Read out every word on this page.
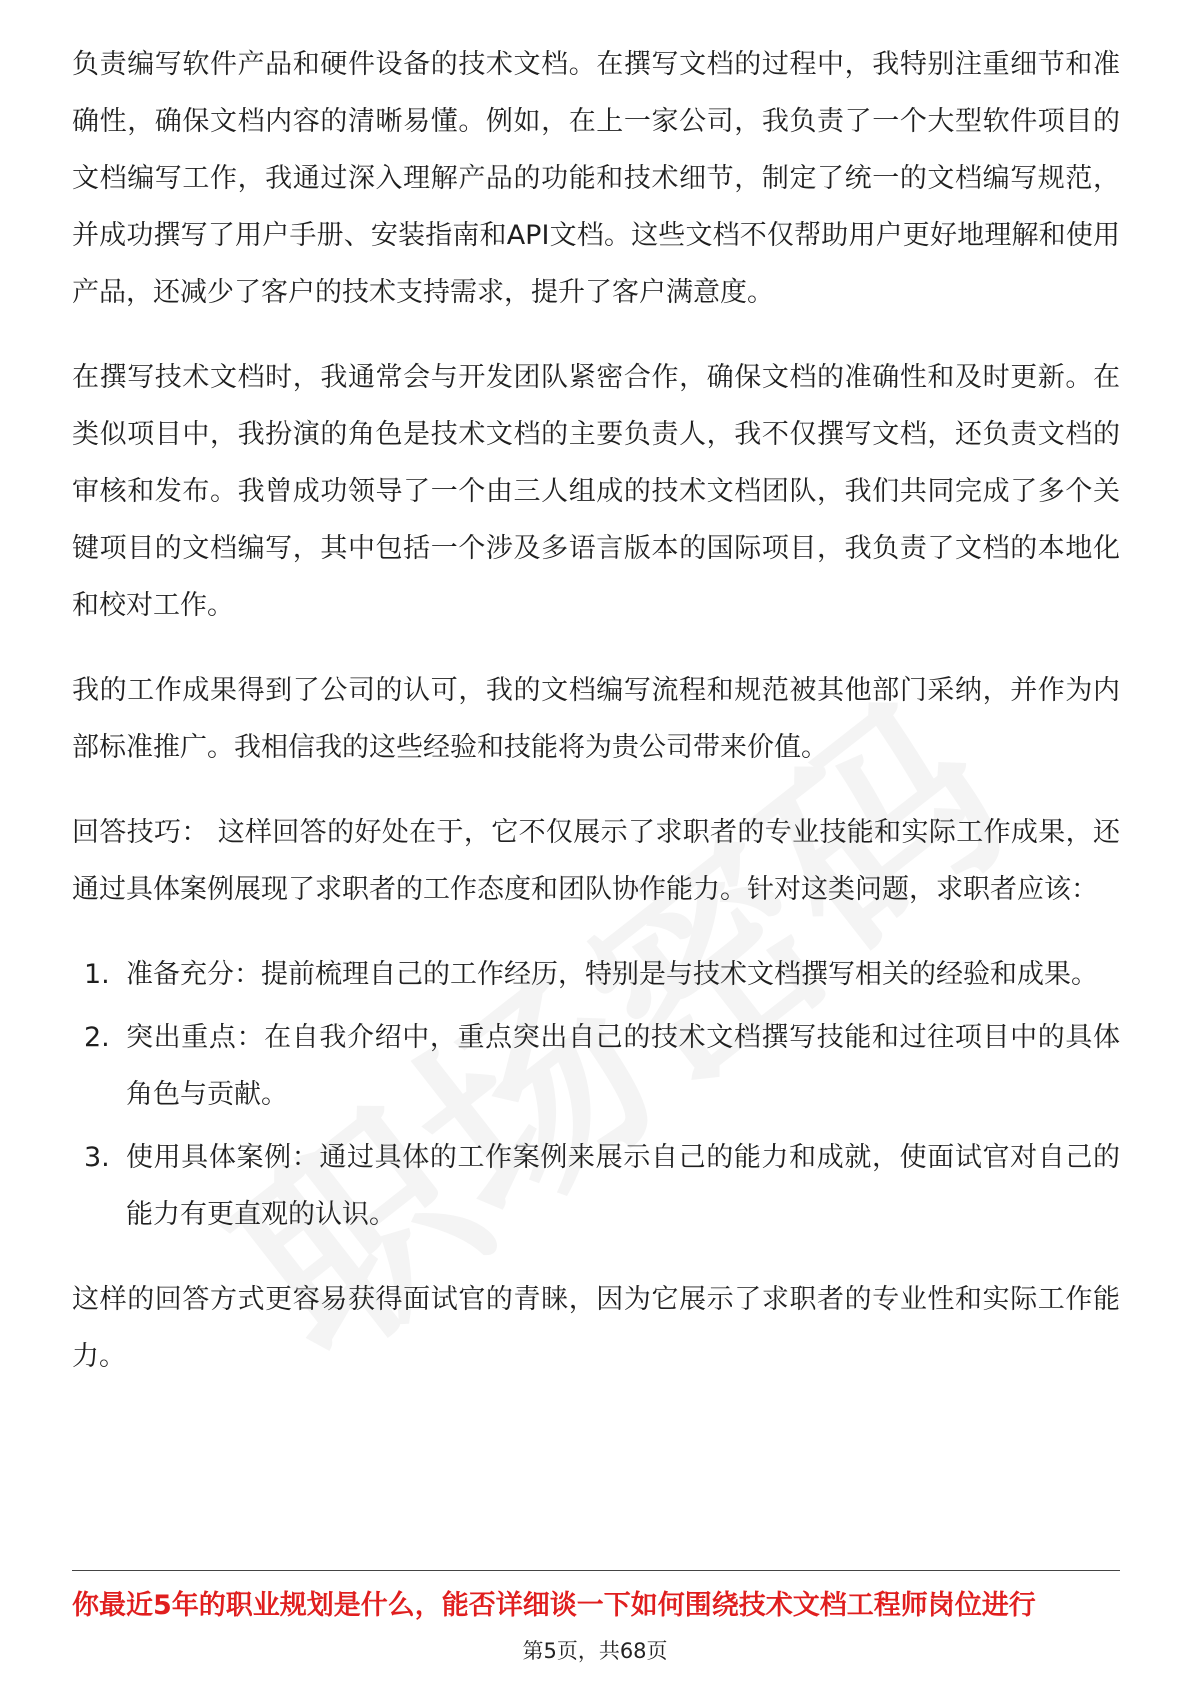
负责编写软件产品和硬件设备的技术文档。在撰写文档的过程中，我特别注重细节和准确性，确保文档内容的清晰易懂。例如，在上一家公司，我负责了一个大型软件项目的文档编写工作，我通过深入理解产品的功能和技术细节，制定了统一的文档编写规范，并成功撰写了用户手册、安装指南和API文档。这些文档不仅帮助用户更好地理解和使用产品，还减少了客户的技术支持需求，提升了客户满意度。

在撰写技术文档时，我通常会与开发团队紧密合作，确保文档的准确性和及时更新。在类似项目中，我扮演的角色是技术文档的主要负责人，我不仅撰写文档，还负责文档的审核和发布。我曾成功领导了一个由三人组成的技术文档团队，我们共同完成了多个关键项目的文档编写，其中包括一个涉及多语言版本的国际项目，我负责了文档的本地化和校对工作。

我的工作成果得到了公司的认可，我的文档编写流程和规范被其他部门采纳，并作为内部标准推广。我相信我的这些经验和技能将为贵公司带来价值。

回答技巧： 这样回答的好处在于，它不仅展示了求职者的专业技能和实际工作成果，还通过具体案例展现了求职者的工作态度和团队协作能力。针对这类问题，求职者应该：

1. 准备充分：提前梳理自己的工作经历，特别是与技术文档撰写相关的经验和成果。
2. 突出重点：在自我介绍中，重点突出自己的技术文档撰写技能和过往项目中的具体角色与贡献。
3. 使用具体案例：通过具体的工作案例来展示自己的能力和成就，使面试官对自己的能力有更直观的认识。

这样的回答方式更容易获得面试官的青睐，因为它展示了求职者的专业性和实际工作能力。

你最近5年的职业规划是什么，能否详细谈一下如何围绕技术文档工程师岗位进行
第5页，共68页
